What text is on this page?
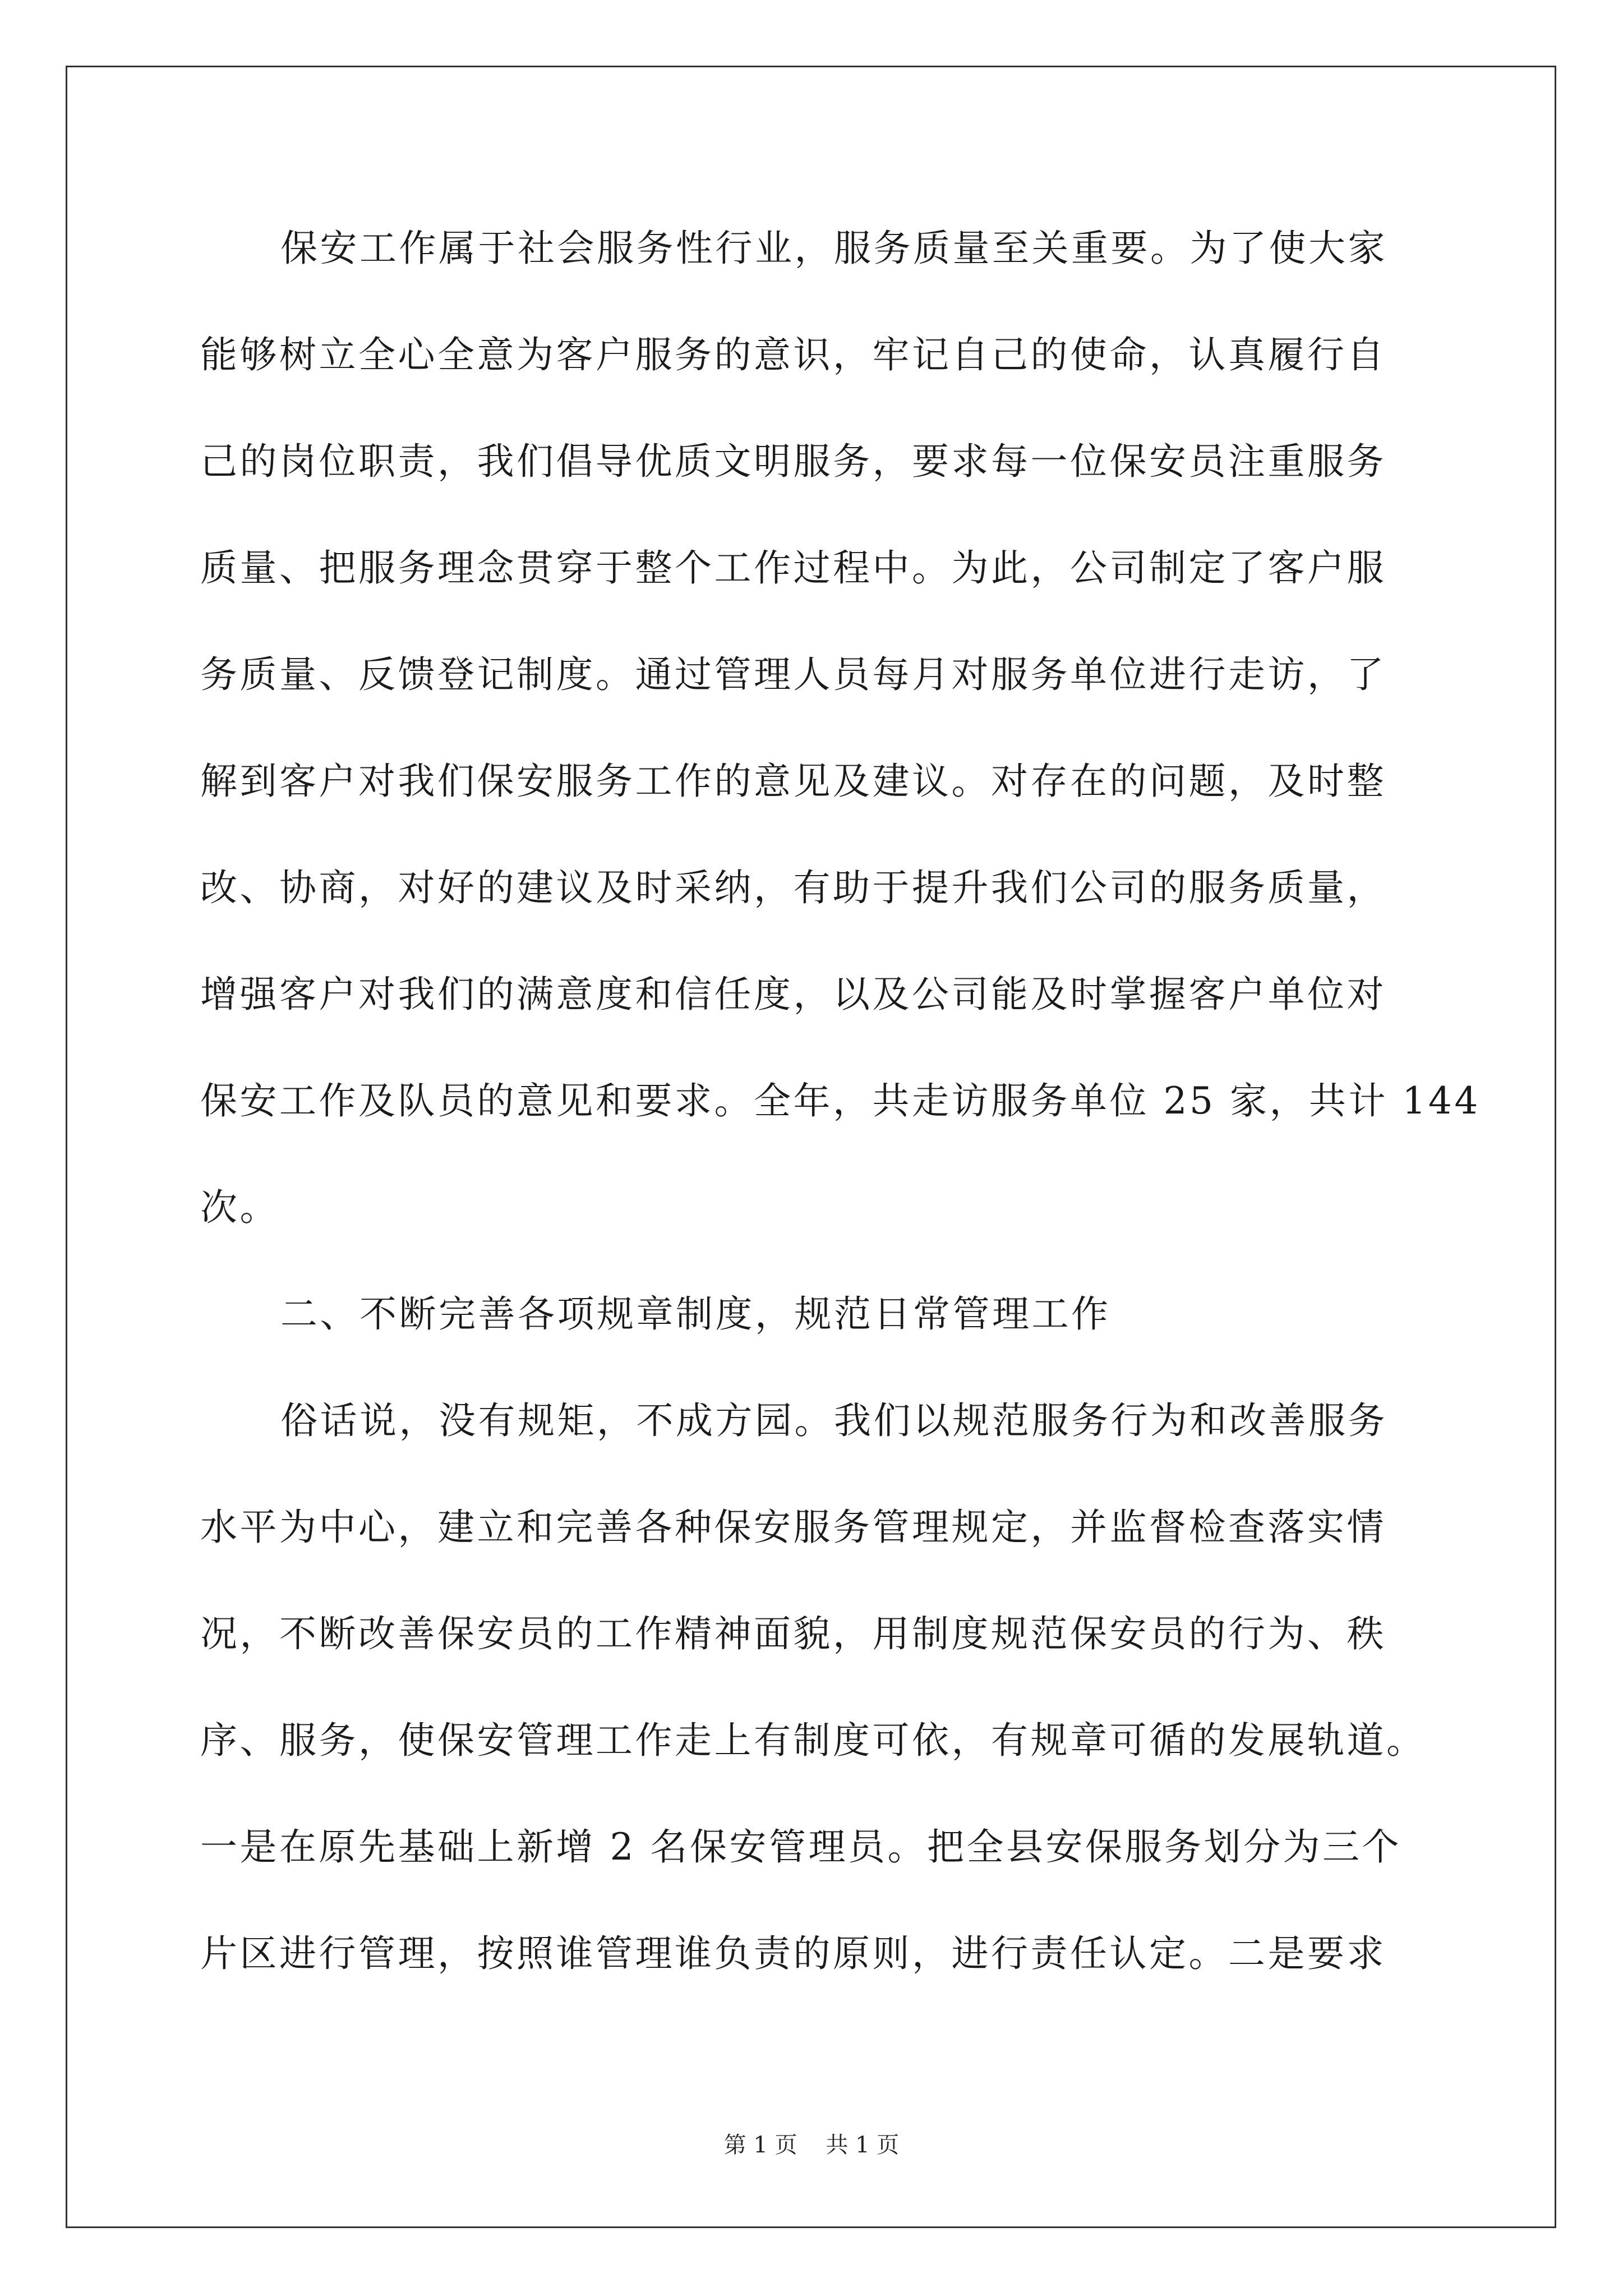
保安工作属于社会服务性行业，服务质量至关重要。为了使大家
能够树立全心全意为客户服务的意识，牢记自己的使命，认真履行自
己的岗位职责，我们倡导优质文明服务，要求每一位保安员注重服务
质量、把服务理念贯穿于整个工作过程中。为此，公司制定了客户服
务质量、反馈登记制度。通过管理人员每月对服务单位进行走访，了
解到客户对我们保安服务工作的意见及建议。对存在的问题，及时整
改、协商，对好的建议及时采纳，有助于提升我们公司的服务质量，
增强客户对我们的满意度和信任度，以及公司能及时掌握客户单位对
保安工作及队员的意见和要求。全年，共走访服务单位 25 家，共计 144
次。
二、不断完善各项规章制度，规范日常管理工作
俗话说，没有规矩，不成方园。我们以规范服务行为和改善服务
水平为中心，建立和完善各种保安服务管理规定，并监督检查落实情
况，不断改善保安员的工作精神面貌，用制度规范保安员的行为、秩
序、服务，使保安管理工作走上有制度可依，有规章可循的发展轨道。
一是在原先基础上新增 2 名保安管理员。把全县安保服务划分为三个
片区进行管理，按照谁管理谁负责的原则，进行责任认定。二是要求
第 1 页    共 1 页
